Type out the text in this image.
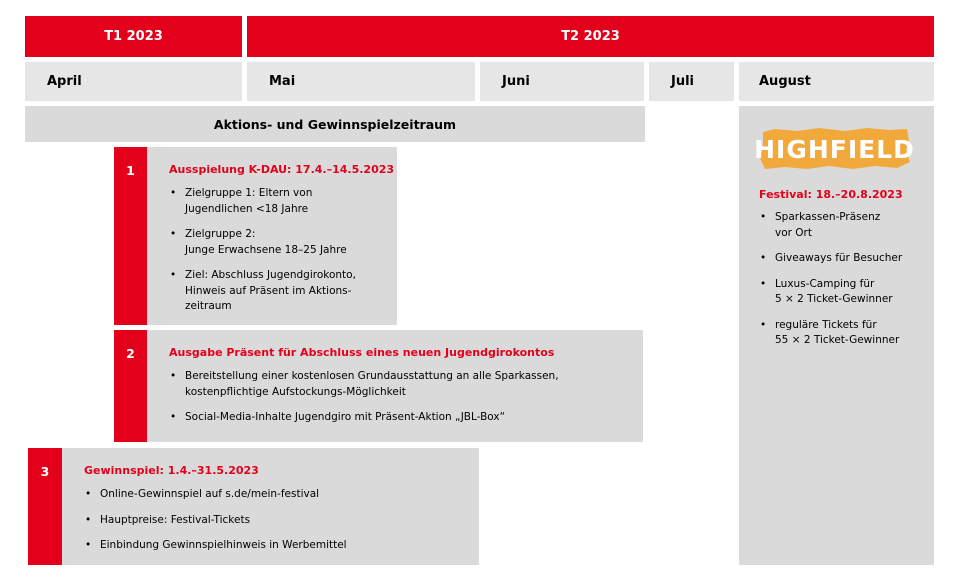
T1 2023	T2 2023
April	Mai	Juni	Juli	August
Aktions- und Gewinnspielzeitraum
1	Ausspielung K-DAU: 17.4.–14.5.2023
• Zielgruppe 1: Eltern von
Jugendlichen <18 Jahre
• Zielgruppe 2:
Junge Erwachsene 18–25 Jahre
• Ziel: Abschluss Jugendgirokonto,
Hinweis auf Präsent im Aktions-
zeitraum
2	Ausgabe Präsent für Abschluss eines neuen Jugendgirokontos
• Bereitstellung einer kostenlosen Grundausstattung an alle Sparkassen,
kostenpflichtige Aufstockungs-Möglichkeit
• Social-Media-Inhalte Jugendgiro mit Präsent-Aktion „JBL-Box“
3	Gewinnspiel: 1.4.–31.5.2023
• Online-Gewinnspiel auf s.de/mein-festival
• Hauptpreise: Festival-Tickets
• Einbindung Gewinnspielhinweis in Werbemittel
HIGHFIELD
Festival: 18.–20.8.2023
• Sparkassen-Präsenz
vor Ort
• Giveaways für Besucher
• Luxus-Camping für
5 × 2 Ticket-Gewinner
• reguläre Tickets für
55 × 2 Ticket-Gewinner
